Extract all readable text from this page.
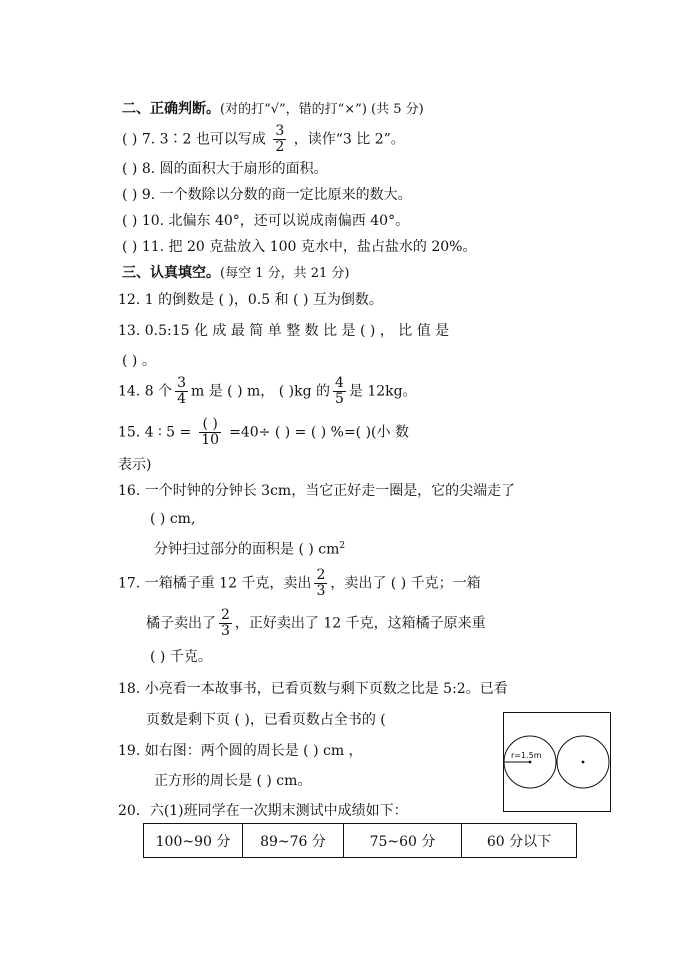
二、正确判断。(对的打“√”，错的打“×”) (共 5 分)
( ) 7. 3∶2 也可以写成 $\frac{3}{2}$ ，读作“3 比 2”。
( ) 8. 圆的面积大于扇形的面积。
( ) 9. 一个数除以分数的商一定比原来的数大。
( ) 10. 北偏东 40°，还可以说成南偏西 40°。
( ) 11. 把 20 克盐放入 100 克水中，盐占盐水的 20%。
三、认真填空。(每空 1 分，共 21 分)
12. 1 的倒数是 ( )，0.5 和 ( ) 互为倒数。
13. 0.5:15 化 成 最 简 单 整 数 比 是 ( ) ， 比 值 是
( ) 。
14. 8 个 $\frac{3}{4}$ m 是 ( ) m， ( )kg 的 $\frac{4}{5}$ 是 12kg。
15. 4 ∶ $5 = \frac{( )}{10} =40\div$ ( ) = ( ) %=( )(小 数
表示)
16. 一个时钟的分钟长 3cm，当它正好走一圈是，它的尖端走了
( ) cm,
分钟扫过部分的面积是 ( ) $cm^2$
17. 一箱橘子重 12 千克，卖出 $\frac{2}{3}$ ，卖出了 ( ) 千克；一箱
橘子卖出了 $\frac{2}{3}$ ，正好卖出了 12 千克，这箱橘子原来重
( ) 千克。
18. 小亮看一本故事书，已看页数与剩下页数之比是 5:2。已看
页数是剩下页 ( )，已看页数占全书的 (
19. 如右图：两个圆的周长是 ( ) cm ，
正方形的周长是 ( ) cm。
20．六(1)班同学在一次期末测试中成绩如下：
r=1.5m
100~90 分	89~76 分	75~60 分	60 分以下
